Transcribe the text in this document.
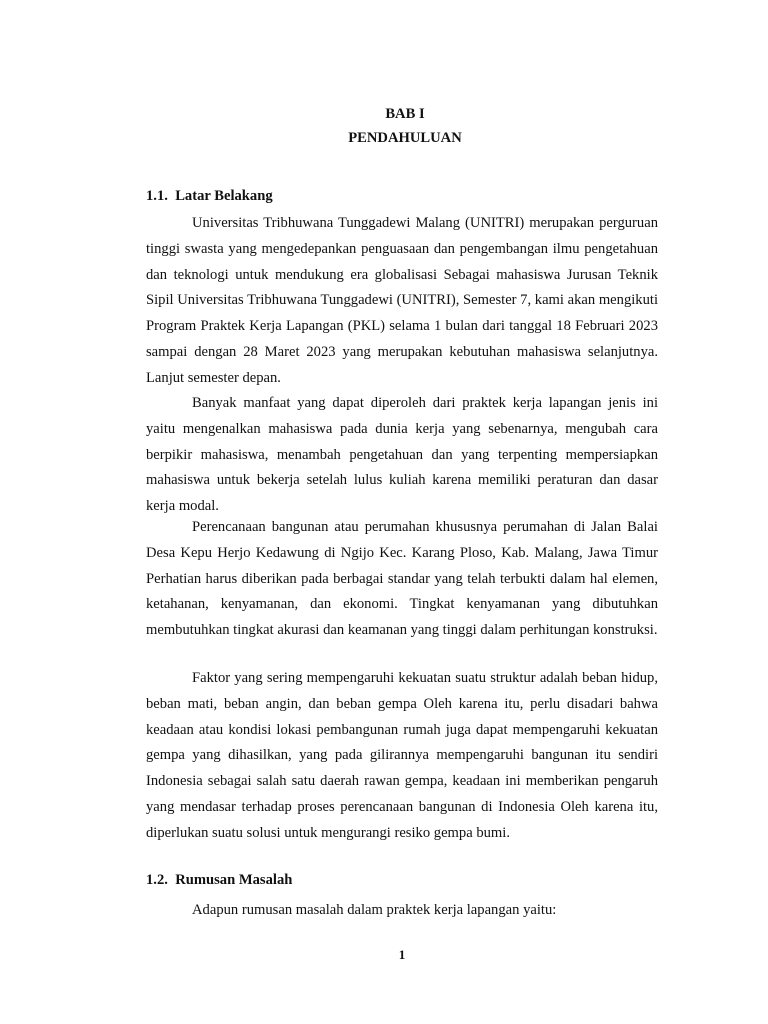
BAB I
PENDAHULUAN
1.1.  Latar Belakang

Universitas Tribhuwana Tunggadewi Malang (UNITRI) merupakan perguruan tinggi swasta yang mengedepankan penguasaan dan pengembangan ilmu pengetahuan dan teknologi untuk mendukung era globalisasi Sebagai mahasiswa Jurusan Teknik Sipil Universitas Tribhuwana Tunggadewi (UNITRI), Semester 7, kami akan mengikuti Program Praktek Kerja Lapangan (PKL) selama 1 bulan dari tanggal 18 Februari 2023 sampai dengan 28 Maret 2023 yang merupakan kebutuhan mahasiswa selanjutnya. Lanjut semester depan.

Banyak manfaat yang dapat diperoleh dari praktek kerja lapangan jenis ini yaitu mengenalkan mahasiswa pada dunia kerja yang sebenarnya, mengubah cara berpikir mahasiswa, menambah pengetahuan dan yang terpenting mempersiapkan mahasiswa untuk bekerja setelah lulus kuliah karena memiliki peraturan dan dasar kerja modal.

Perencanaan bangunan atau perumahan khususnya perumahan di Jalan Balai Desa Kepu Herjo Kedawung di Ngijo Kec. Karang Ploso, Kab. Malang, Jawa Timur Perhatian harus diberikan pada berbagai standar yang telah terbukti dalam hal elemen, ketahanan, kenyamanan, dan ekonomi. Tingkat kenyamanan yang dibutuhkan membutuhkan tingkat akurasi dan keamanan yang tinggi dalam perhitungan konstruksi.

Faktor yang sering mempengaruhi kekuatan suatu struktur adalah beban hidup, beban mati, beban angin, dan beban gempa Oleh karena itu, perlu disadari bahwa keadaan atau kondisi lokasi pembangunan rumah juga dapat mempengaruhi kekuatan gempa yang dihasilkan, yang pada gilirannya mempengaruhi bangunan itu sendiri Indonesia sebagai salah satu daerah rawan gempa, keadaan ini memberikan pengaruh yang mendasar terhadap proses perencanaan bangunan di Indonesia Oleh karena itu, diperlukan suatu solusi untuk mengurangi resiko gempa bumi.

1.2.  Rumusan Masalah

Adapun rumusan masalah dalam praktek kerja lapangan yaitu:

1
